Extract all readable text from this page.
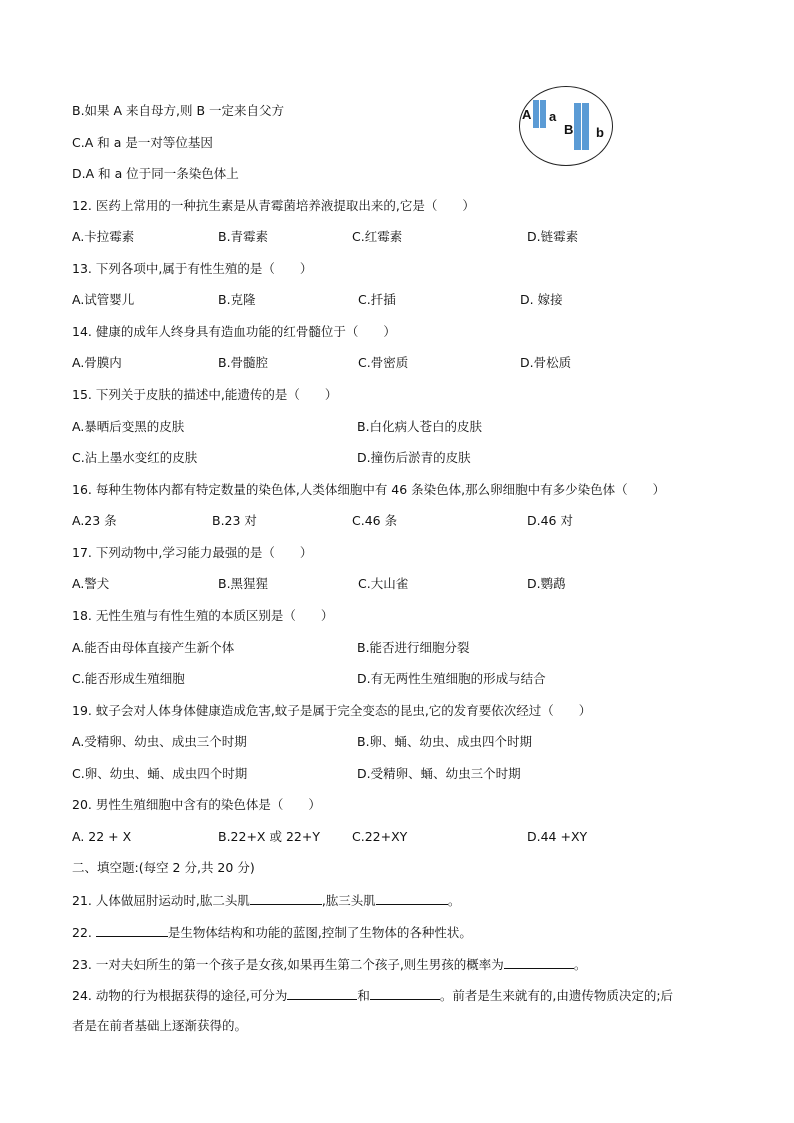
B.如果 A 来自母方,则 B 一定来自父方
C.A 和 a 是一对等位基因
D.A 和 a 位于同一条染色体上
A a
B b
12. 医药上常用的一种抗生素是从青霉菌培养液提取出来的,它是（　　）
A.卡拉霉素	B.青霉素	C.红霉素	D.链霉素
13. 下列各项中,属于有性生殖的是（　　）
A.试管婴儿	B.克隆	C.扦插	D. 嫁接
14. 健康的成年人终身具有造血功能的红骨髓位于（　　）
A.骨膜内	B.骨髓腔	C.骨密质	D.骨松质
15. 下列关于皮肤的描述中,能遗传的是（　　）
A.暴晒后变黑的皮肤	B.白化病人苍白的皮肤
C.沾上墨水变红的皮肤	D.撞伤后淤青的皮肤
16. 每种生物体内都有特定数量的染色体,人类体细胞中有 46 条染色体,那么卵细胞中有多少染色体（　　）
A.23 条	B.23 对	C.46 条	D.46 对
17. 下列动物中,学习能力最强的是（　　）
A.警犬	B.黑猩猩	C.大山雀	D.鹦鹉
18. 无性生殖与有性生殖的本质区别是（　　）
A.能否由母体直接产生新个体	B.能否进行细胞分裂
C.能否形成生殖细胞	D.有无两性生殖细胞的形成与结合
19. 蚊子会对人体身体健康造成危害,蚊子是属于完全变态的昆虫,它的发育要依次经过（　　）
A.受精卵、幼虫、成虫三个时期	B.卵、蛹、幼虫、成虫四个时期
C.卵、幼虫、蛹、成虫四个时期	D.受精卵、蛹、幼虫三个时期
20. 男性生殖细胞中含有的染色体是（　　）
A. 22 + X	B.22+X 或 22+Y	C.22+XY	D.44 +XY
二、填空题:(每空 2 分,共 20 分)
21. 人体做屈肘运动时,肱二头肌	,肱三头肌	。
22.	是生物体结构和功能的蓝图,控制了生物体的各种性状。
23. 一对夫妇所生的第一个孩子是女孩,如果再生第二个孩子,则生男孩的概率为	。
24. 动物的行为根据获得的途径,可分为	和	。前者是生来就有的,由遗传物质决定的;后
者是在前者基础上逐渐获得的。
